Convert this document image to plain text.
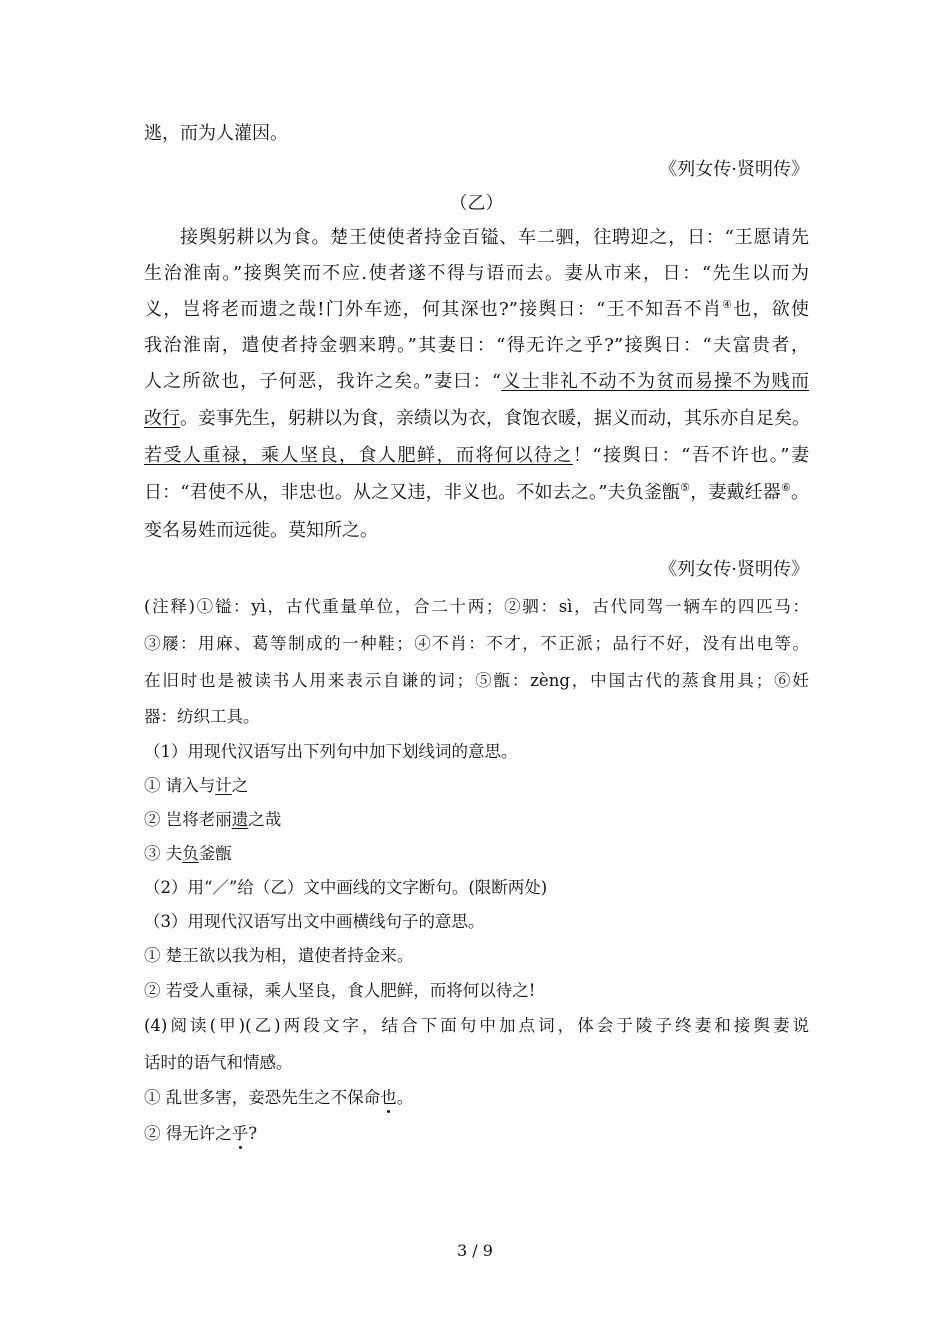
逃，而为人灌因。
《列女传·贤明传》
（乙）
接舆躬耕以为食。楚王使使者持金百镒、车二驷，往聘迎之，日：“王愿请先
生治淮南。”接舆笑而不应.使者遂不得与语而去。妻从市来，日：“先生以而为
义，岂将老而遗之哉!门外车迹，何其深也?”接舆日：“王不知吾不肖④也，欲使
我治淮南，遣使者持金驷来聘。”其妻日：“得无许之乎?”接舆日：“夫富贵者，
人之所欲也，子何恶，我许之矣。”妻曰：“义士非礼不动不为贫而易操不为贱而
改行。妾事先生，躬耕以为食，亲绩以为衣，食饱衣暖，据义而动，其乐亦自足矣。
若受人重禄，乘人坚良，食人肥鲜，而将何以待之！“接舆日：“吾不许也。”妻
日：“君使不从，非忠也。从之又违，非义也。不如去之。”夫负釜甑⑤，妻戴纴器⑥。
变名易姓而远徙。莫知所之。
《列女传·贤明传》
(注释)①镒：yì，古代重量单位，合二十两；②驷：sì，古代同驾一辆车的四匹马：
③屦：用麻、葛等制成的一种鞋；④不肖：不才，不正派；品行不好，没有出电等。
在旧时也是被读书人用来表示自谦的词；⑤甑：zèng，中国古代的蒸食用具；⑥妊
器：纺织工具。
（1）用现代汉语写出下列句中加下划线词的意思。
① 请入与计之
② 岂将老丽遗之哉
③ 夫负釜甑
（2）用“／”给（乙）文中画线的文字断句。(限断两处)
（3）用现代汉语写出文中画横线句子的意思。
① 楚王欲以我为相，遣使者持金来。
② 若受人重禄，乘人坚良，食人肥鲜，而将何以待之!
(4)阅读(甲)(乙)两段文字，结合下面句中加点词，体会于陵子终妻和接舆妻说
话时的语气和情感。
① 乱世多害，妾恐先生之不保命也。
② 得无许之乎?
3 / 9
